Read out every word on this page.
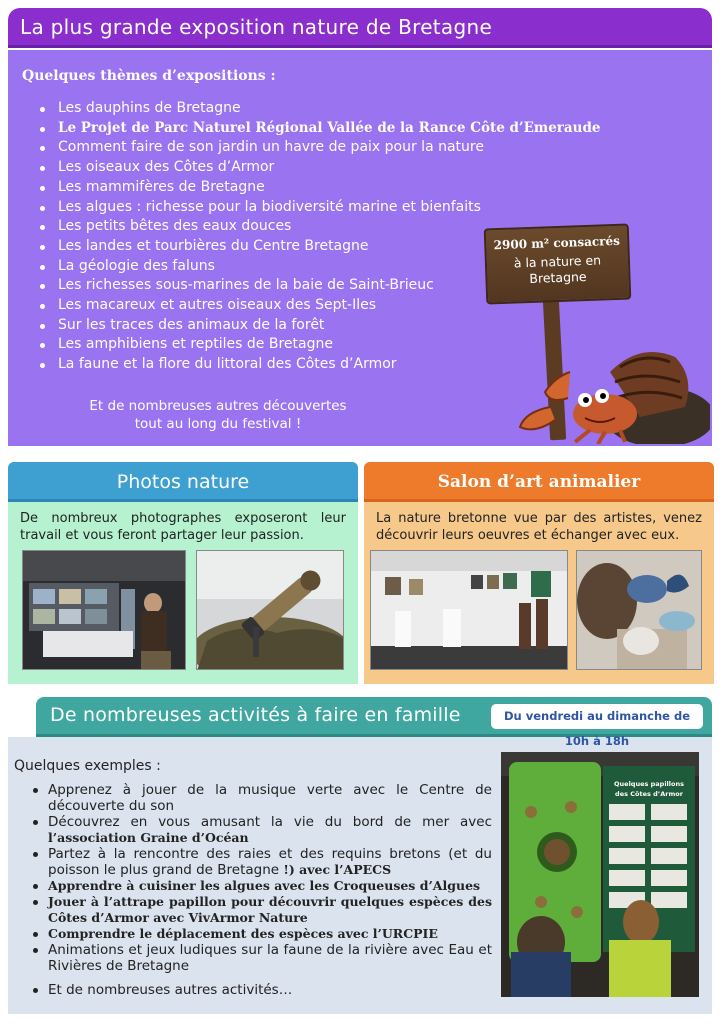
La plus grande exposition nature de Bretagne
Quelques thèmes d’expositions :
Les dauphins de Bretagne
Le Projet de Parc Naturel Régional Vallée de la Rance Côte d’Emeraude
Comment faire de son jardin un havre de paix pour la nature
Les oiseaux des Côtes d’Armor
Les mammifères de Bretagne
Les algues : richesse pour la biodiversité marine et bienfaits
Les petits bêtes des eaux douces
Les landes et tourbières du Centre Bretagne
La géologie des faluns
Les richesses sous-marines de la baie de Saint-Brieuc
Les macareux et autres oiseaux des Sept-Iles
Sur les traces des animaux de la forêt
Les amphibiens et reptiles de Bretagne
La faune et la flore du littoral des Côtes d’Armor
Et de nombreuses autres découvertes
tout au long du festival !
2900 m² consacrés
à la nature en
Bretagne
Photos nature
De nombreux photographes exposeront leur travail et vous feront partager leur passion.
Salon d’art animalier
La nature bretonne vue par des artistes, venez découvrir leurs oeuvres et échanger avec eux.
De nombreuses activités à faire en famille	Du vendredi au dimanche de 10h à 18h
Quelques exemples :
Apprenez à jouer de la musique verte avec le Centre de découverte du son
Découvrez en vous amusant la vie du bord de mer avec l’association Graine d’Océan
Partez à la rencontre des raies et des requins bretons (et du poisson le plus grand de Bretagne !) avec l’APECS
Apprendre à cuisiner les algues avec les Croqueuses d’Algues
Jouer à l’attrape papillon pour découvrir quelques espèces des Côtes d’Armor avec VivArmor Nature
Comprendre le déplacement des espèces avec l’URCPIE
Animations et jeux ludiques sur la faune de la rivière avec Eau et Rivières de Bretagne
Et de nombreuses autres activités…
Quelques papillons
des Côtes d’Armor
